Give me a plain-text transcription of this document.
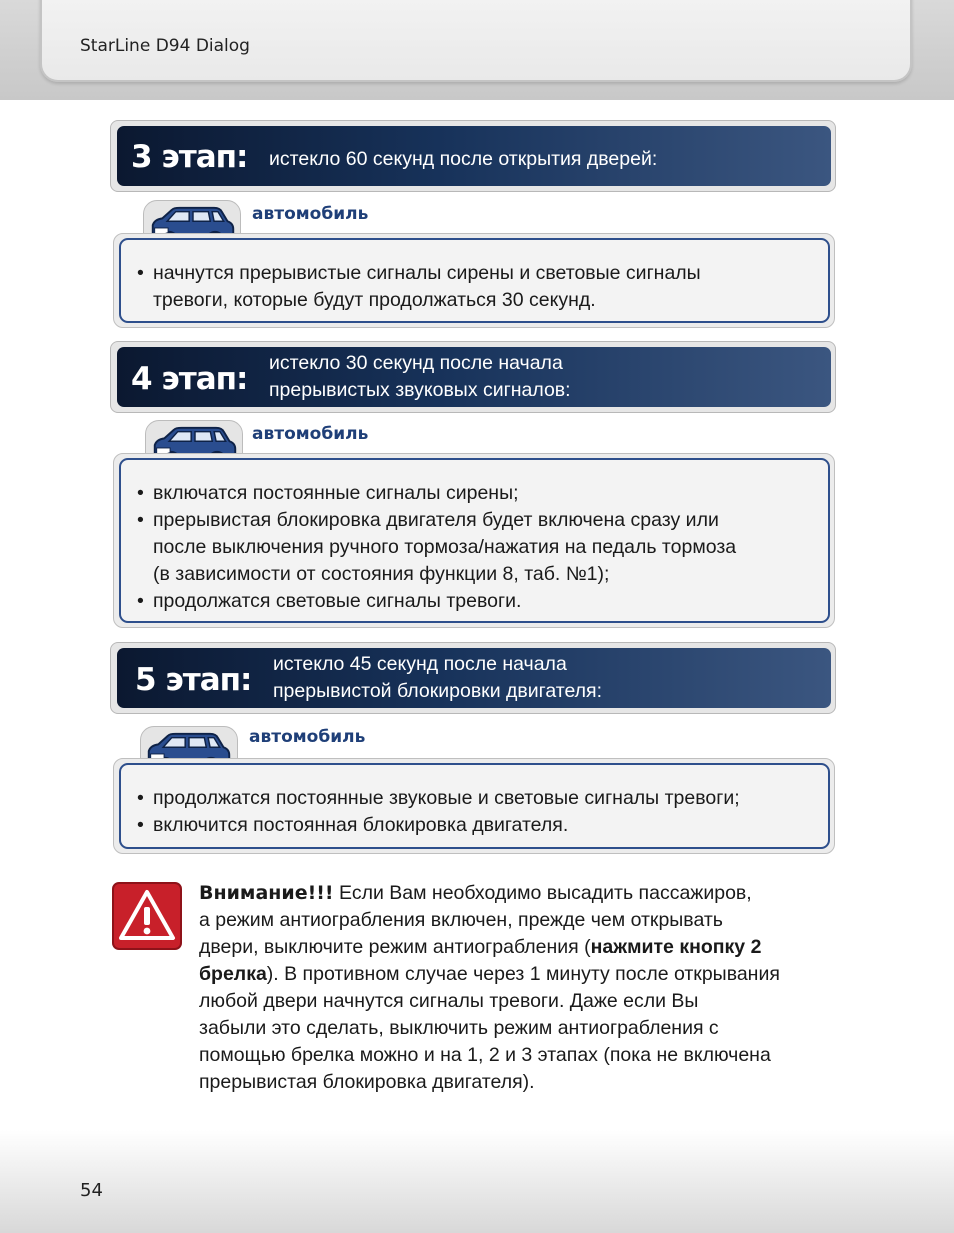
StarLine D94 Dialog
3 этап: истекло 60 секунд после открытия дверей:
автомобиль
• начнутся прерывистые сигналы сирены и световые сигналы
тревоги, которые будут продолжаться 30 секунд.
4 этап: истекло 30 секунд после начала
прерывистых звуковых сигналов:
автомобиль
• включатся постоянные сигналы сирены;
• прерывистая блокировка двигателя будет включена сразу или
после выключения ручного тормоза/нажатия на педаль тормоза
(в зависимости от состояния функции 8, таб. №1);
• продолжатся световые сигналы тревоги.
5 этап: истекло 45 секунд после начала
прерывистой блокировки двигателя:
автомобиль
• продолжатся постоянные звуковые и световые сигналы тревоги;
• включится постоянная блокировка двигателя.
Внимание!!! Если Вам необходимо высадить пассажиров,
а режим антиограбления включен, прежде чем открывать
двери, выключите режим антиограбления (нажмите кнопку 2
брелка). В противном случае через 1 минуту после открывания
любой двери начнутся сигналы тревоги. Даже если Вы
забыли это сделать, выключить режим антиограбления с
помощью брелка можно и на 1, 2 и 3 этапах (пока не включена
прерывистая блокировка двигателя).
54
